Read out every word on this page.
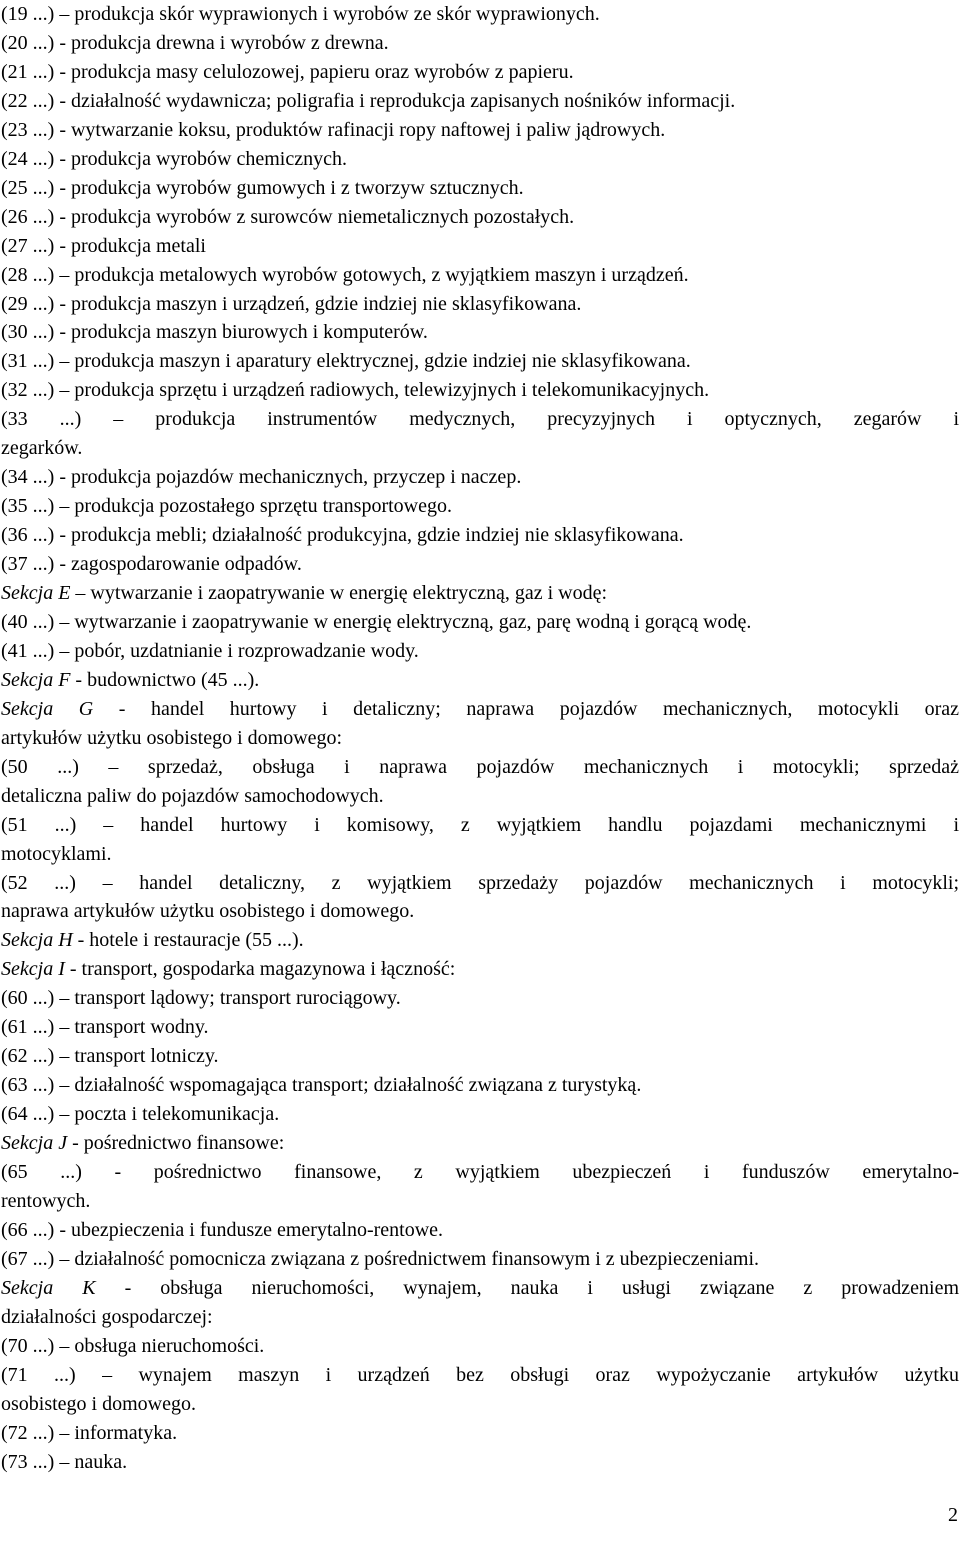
(19 ...) – produkcja skór wyprawionych i wyrobów ze skór wyprawionych.
(20 ...) - produkcja drewna i wyrobów z drewna.
(21 ...) - produkcja masy celulozowej, papieru oraz wyrobów z papieru.
(22 ...) - działalność wydawnicza; poligrafia i reprodukcja zapisanych nośników informacji.
(23 ...) - wytwarzanie koksu, produktów rafinacji ropy naftowej i paliw jądrowych.
(24 ...) - produkcja wyrobów chemicznych.
(25 ...) - produkcja wyrobów gumowych i z tworzyw sztucznych.
(26 ...) - produkcja wyrobów z surowców niemetalicznych pozostałych.
(27 ...) - produkcja metali
(28 ...) – produkcja metalowych wyrobów gotowych, z wyjątkiem maszyn i urządzeń.
(29 ...) - produkcja maszyn i urządzeń, gdzie indziej nie sklasyfikowana.
(30 ...) - produkcja maszyn biurowych i komputerów.
(31 ...) – produkcja maszyn i aparatury elektrycznej, gdzie indziej nie sklasyfikowana.
(32 ...) – produkcja sprzętu i urządzeń radiowych, telewizyjnych i telekomunikacyjnych.
(33 ...) – produkcja instrumentów medycznych, precyzyjnych i optycznych, zegarów i
zegarków.
(34 ...) - produkcja pojazdów mechanicznych, przyczep i naczep.
(35 ...) – produkcja pozostałego sprzętu transportowego.
(36 ...) - produkcja mebli; działalność produkcyjna, gdzie indziej nie sklasyfikowana.
(37 ...) - zagospodarowanie odpadów.
Sekcja E – wytwarzanie i zaopatrywanie w energię elektryczną, gaz i wodę:
(40 ...) – wytwarzanie i zaopatrywanie w energię elektryczną, gaz, parę wodną i gorącą wodę.
(41 ...) – pobór, uzdatnianie i rozprowadzanie wody.
Sekcja F - budownictwo (45 ...).
Sekcja G - handel hurtowy i detaliczny; naprawa pojazdów mechanicznych, motocykli oraz
artykułów użytku osobistego i domowego:
(50 ...) – sprzedaż, obsługa i naprawa pojazdów mechanicznych i motocykli; sprzedaż
detaliczna paliw do pojazdów samochodowych.
(51 ...) – handel hurtowy i komisowy, z wyjątkiem handlu pojazdami mechanicznymi i
motocyklami.
(52 ...) – handel detaliczny, z wyjątkiem sprzedaży pojazdów mechanicznych i motocykli;
naprawa artykułów użytku osobistego i domowego.
Sekcja H - hotele i restauracje (55 ...).
Sekcja I - transport, gospodarka magazynowa i łączność:
(60 ...) – transport lądowy; transport rurociągowy.
(61 ...) – transport wodny.
(62 ...) – transport lotniczy.
(63 ...) – działalność wspomagająca transport; działalność związana z turystyką.
(64 ...) – poczta i telekomunikacja.
Sekcja J - pośrednictwo finansowe:
(65 ...) - pośrednictwo finansowe, z wyjątkiem ubezpieczeń i funduszów emerytalno-
rentowych.
(66 ...) - ubezpieczenia i fundusze emerytalno-rentowe.
(67 ...) – działalność pomocnicza związana z pośrednictwem finansowym i z ubezpieczeniami.
Sekcja K - obsługa nieruchomości, wynajem, nauka i usługi związane z prowadzeniem
działalności gospodarczej:
(70 ...) – obsługa nieruchomości.
(71 ...) – wynajem maszyn i urządzeń bez obsługi oraz wypożyczanie artykułów użytku
osobistego i domowego.
(72 ...) – informatyka.
(73 ...) – nauka.
2
